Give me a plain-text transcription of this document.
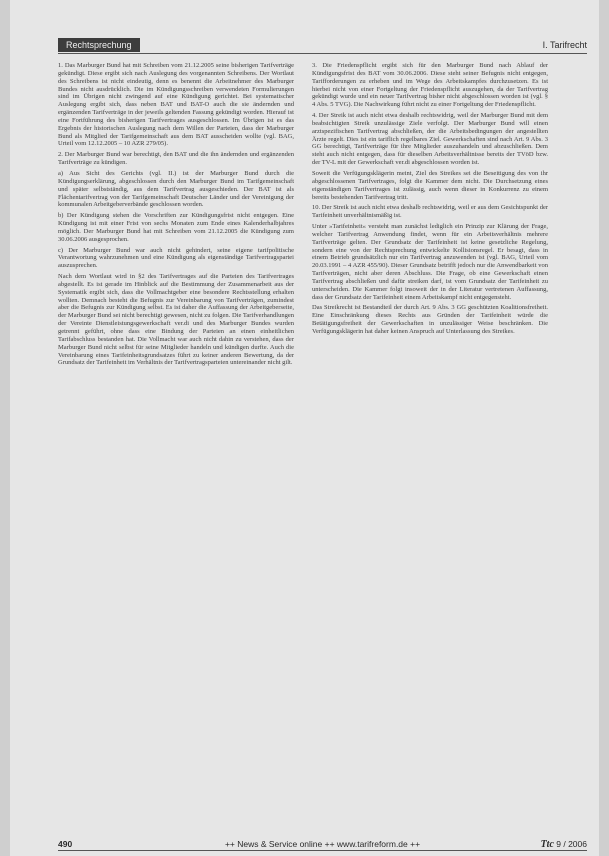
Rechtsprechung	I. Tarifrecht

1. Das Marburger Bund hat mit Schreiben vom 21.12.2005 seine bisherigen Tarifverträge gekündigt. Diese ergibt sich nach Auslegung des vorgenannten Schreibens. Der Wortlaut des Schreibens ist nicht eindeutig, denn es benennt die Arbeitnehmer des Marburger Bundes nicht ausdrücklich. Die im Kündigungsschreiben verwendeten Formulierungen sind im Übrigen nicht zwingend auf eine Kündigung gerichtet. Bei systematischer Auslegung ergibt sich, dass neben BAT und BAT-O auch die sie ändernden und ergänzenden Tarifverträge in der jeweils geltenden Fassung gekündigt worden. Hierauf ist eine Fortführung des bisherigen Tarifvertrages ausgeschlossen. Im Übrigen ist es das Ergebnis der historischen Auslegung nach dem Willen der Parteien, dass der Marburger Bund als Mitglied der Tarifgemeinschaft aus dem BAT ausscheiden wollte (vgl. BAG, Urteil vom 12.12.2005 – 10 AZR 279/05).

2. Der Marburger Bund war berechtigt, den BAT und die ihn ändernden und ergänzenden Tarifverträge zu kündigen.

a) Aus Sicht des Gerichts (vgl. II.) ist der Marburger Bund durch die Kündigungserklärung, abgeschlossen durch den Marburger Bund im Tarifgemeinschaft und später selbstständig, aus dem Tarifvertrag ausgeschieden. Der BAT ist als Flächentarifvertrag von der Tarifgemeinschaft Deutscher Länder und der Vereinigung der kommunalen Arbeitgeberverbände geschlossen worden.

b) Der Kündigung stehen die Vorschriften zur Kündigungsfrist nicht entgegen. Eine Kündigung ist mit einer Frist von sechs Monaten zum Ende eines Kalenderhalbjahres möglich. Der Marburger Bund hat mit Schreiben vom 21.12.2005 die Kündigung zum 30.06.2006 ausgesprochen.

c) Der Marburger Bund war auch nicht gehindert, seine eigene tarifpolitische Verantwortung wahrzunehmen und eine Kündigung als eigenständige Tarifvertragspartei auszusprechen.

Nach dem Wortlaut wird in §2 des Tarifvertrages auf die Parteien des Tarifvertrages abgestellt. Es ist gerade im Hinblick auf die Bestimmung der Zusammenarbeit aus der Systematik ergibt sich, dass die Vollmachtgeber eine besondere Rechtsstellung erhalten wollten. Demnach besteht die Befugnis zur Vereinbarung von Tarifverträgen, zumindest aber die Befugnis zur Kündigung selbst. Es ist daher die Auffassung der Arbeitgeberseite, der Marburger Bund sei nicht berechtigt gewesen, nicht zu folgen. Die Tarifverhandlungen der Vereinte Dienstleistungsgewerkschaft ver.di und des Marburger Bundes wurden getrennt geführt, ohne dass eine Bindung der Parteien an einen einheitlichen Tarifabschluss bestanden hat. Die Vollmacht war auch nicht dahin zu verstehen, dass der Marburger Bund nicht selbst für seine Mitglieder handeln und kündigen durfte. Auch die Vereinbarung eines Tarifeinheitsgrundsatzes führt zu keiner anderen Bewertung, da der Grundsatz der Tarifeinheit im Verhältnis der Tarifvertragsparteien untereinander nicht gilt.

3. Die Friedenspflicht ergibt sich für den Marburger Bund nach Ablauf der Kündigungsfrist des BAT vom 30.06.2006. Diese steht seiner Befugnis nicht entgegen, Tarifforderungen zu erheben und im Wege des Arbeitskampfes durchzusetzen. Es ist hierbei nicht von einer Fortgeltung der Friedenspflicht auszugehen, da der Tarifvertrag gekündigt wurde und ein neuer Tarifvertrag bisher nicht abgeschlossen worden ist (vgl. § 4 Abs. 5 TVG). Die Nachwirkung führt nicht zu einer Fortgeltung der Friedenspflicht.

4. Der Streik ist auch nicht etwa deshalb rechtswidrig, weil der Marburger Bund mit dem beabsichtigten Streik unzulässige Ziele verfolgt. Der Marburger Bund will einen arztspezifischen Tarifvertrag abschließen, der die Arbeitsbedingungen der angestellten Ärzte regelt. Dies ist ein tariflich regelbares Ziel. Gewerkschaften sind nach Art. 9 Abs. 3 GG berechtigt, Tarifverträge für ihre Mitglieder auszuhandeln und abzuschließen. Dem steht auch nicht entgegen, dass für dieselben Arbeitsverhältnisse bereits der TVöD bzw. der TV-L mit der Gewerkschaft ver.di abgeschlossen worden ist.

Soweit die Verfügungsklägerin meint, Ziel des Streikes sei die Beseitigung des von ihr abgeschlossenen Tarifvertrages, folgt die Kammer dem nicht. Die Durchsetzung eines eigenständigen Tarifvertrages ist zulässig, auch wenn dieser in Konkurrenz zu einem bereits bestehenden Tarifvertrag tritt.

10. Der Streik ist auch nicht etwa deshalb rechtswidrig, weil er aus dem Gesichtspunkt der Tarifeinheit unverhältnismäßig ist.

Unter »Tarifeinheit« versteht man zunächst lediglich ein Prinzip zur Klärung der Frage, welcher Tarifvertrag Anwendung findet, wenn für ein Arbeitsverhältnis mehrere Tarifverträge gelten. Der Grundsatz der Tarifeinheit ist keine gesetzliche Regelung, sondern eine von der Rechtsprechung entwickelte Kollisionsregel. Er besagt, dass in einem Betrieb grundsätzlich nur ein Tarifvertrag anzuwenden ist (vgl. BAG, Urteil vom 20.03.1991 – 4 AZR 455/90). Dieser Grundsatz betrifft jedoch nur die Anwendbarkeit von Tarifverträgen, nicht aber deren Abschluss. Die Frage, ob eine Gewerkschaft einen Tarifvertrag abschließen und dafür streiken darf, ist vom Grundsatz der Tarifeinheit zu unterscheiden. Die Kammer folgt insoweit der in der Literatur vertretenen Auffassung, dass der Grundsatz der Tarifeinheit einem Arbeitskampf nicht entgegensteht.

Das Streikrecht ist Bestandteil der durch Art. 9 Abs. 3 GG geschützten Koalitionsfreiheit. Eine Einschränkung dieses Rechts aus Gründen der Tarifeinheit würde die Betätigungsfreiheit der Gewerkschaften in unzulässiger Weise beschränken. Die Verfügungsklägerin hat daher keinen Anspruch auf Unterlassung des Streikes.

490	++ News & Service online ++ www.tarifreform.de ++	Ttc 9 / 2006
